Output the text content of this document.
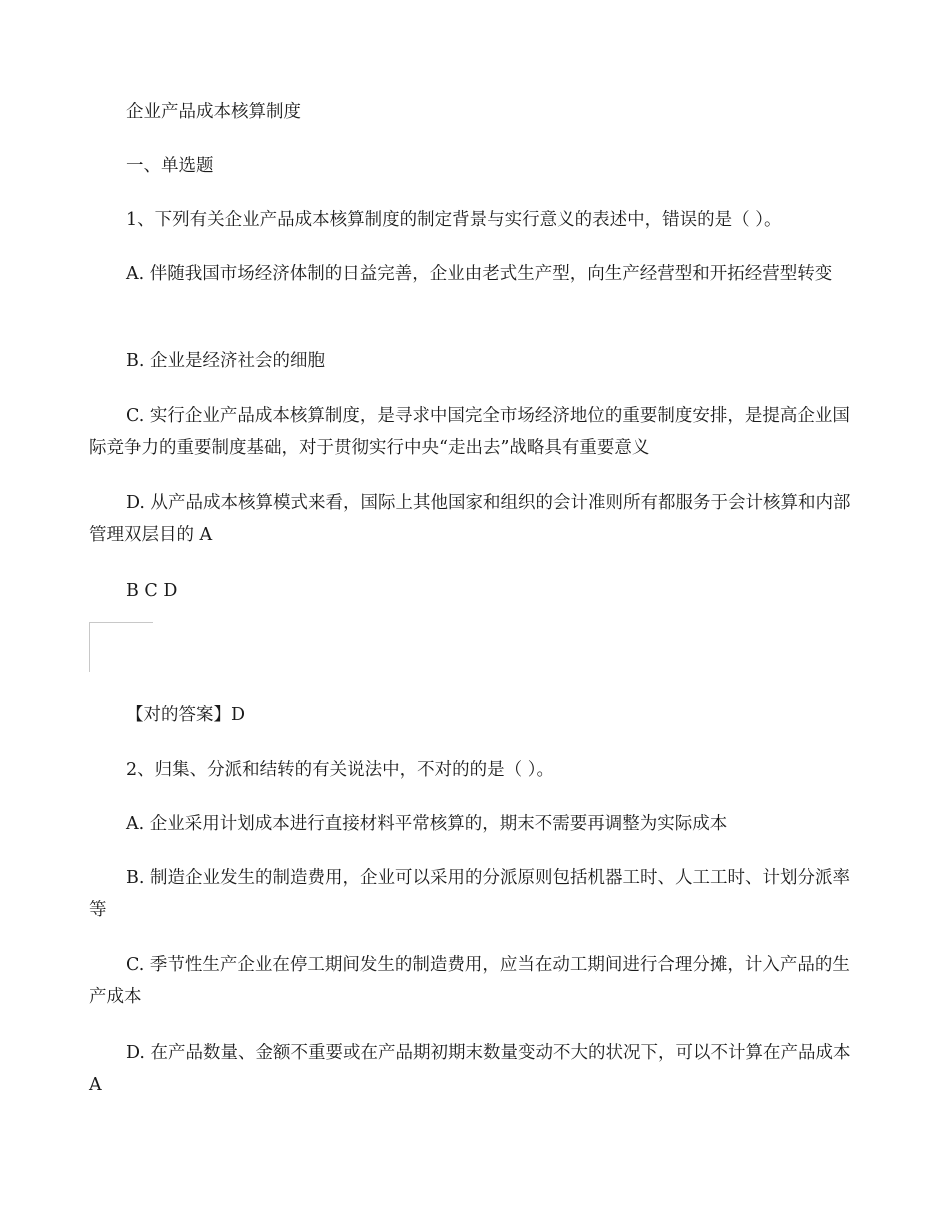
企业产品成本核算制度

一、单选题

1、下列有关企业产品成本核算制度的制定背景与实行意义的表述中，错误的是（ ）。

A. 伴随我国市场经济体制的日益完善，企业由老式生产型，向生产经营型和开拓经营型转变

B. 企业是经济社会的细胞

C. 实行企业产品成本核算制度，是寻求中国完全市场经济地位的重要制度安排，是提高企业国际竞争力的重要制度基础，对于贯彻实行中央“走出去”战略具有重要意义

D. 从产品成本核算模式来看，国际上其他国家和组织的会计准则所有都服务于会计核算和内部管理双层目的 A

B C D

【对的答案】D

2、归集、分派和结转的有关说法中，不对的的是（ ）。

A. 企业采用计划成本进行直接材料平常核算的，期末不需要再调整为实际成本

B. 制造企业发生的制造费用，企业可以采用的分派原则包括机器工时、人工工时、计划分派率等

C. 季节性生产企业在停工期间发生的制造费用，应当在动工期间进行合理分摊，计入产品的生产成本

D. 在产品数量、金额不重要或在产品期初期末数量变动不大的状况下，可以不计算在产品成本 A
